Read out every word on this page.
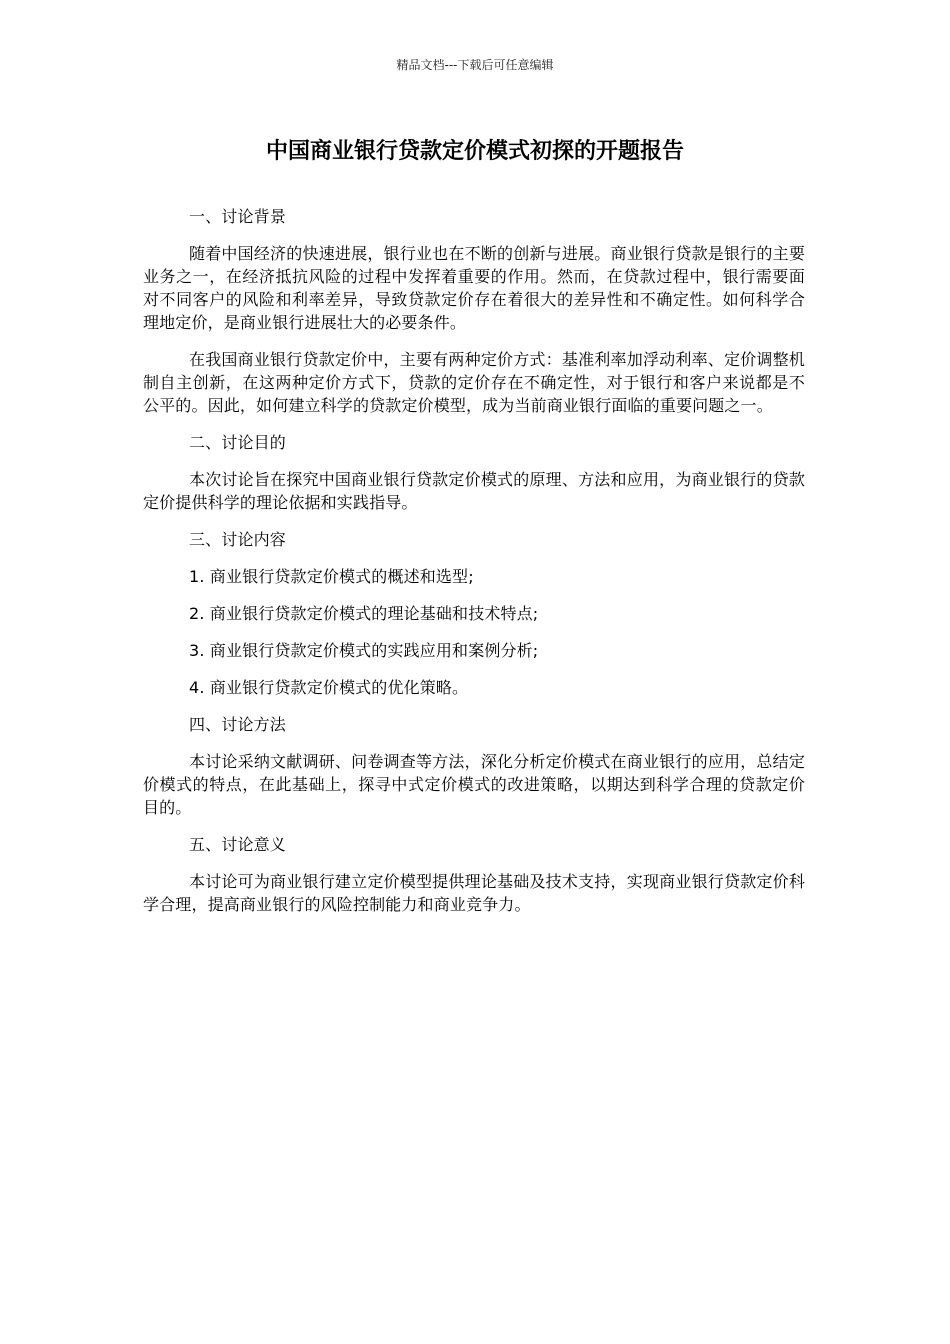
精品文档---下载后可任意编辑
中国商业银行贷款定价模式初探的开题报告

一、讨论背景

随着中国经济的快速进展，银行业也在不断的创新与进展。商业银行贷款是银行的主要业务之一，在经济抵抗风险的过程中发挥着重要的作用。然而，在贷款过程中，银行需要面对不同客户的风险和利率差异，导致贷款定价存在着很大的差异性和不确定性。如何科学合理地定价，是商业银行进展壮大的必要条件。

在我国商业银行贷款定价中，主要有两种定价方式：基准利率加浮动利率、定价调整机制自主创新，在这两种定价方式下，贷款的定价存在不确定性，对于银行和客户来说都是不公平的。因此，如何建立科学的贷款定价模型，成为当前商业银行面临的重要问题之一。

二、讨论目的

本次讨论旨在探究中国商业银行贷款定价模式的原理、方法和应用，为商业银行的贷款定价提供科学的理论依据和实践指导。

三、讨论内容

1. 商业银行贷款定价模式的概述和选型;

2. 商业银行贷款定价模式的理论基础和技术特点;

3. 商业银行贷款定价模式的实践应用和案例分析;

4. 商业银行贷款定价模式的优化策略。

四、讨论方法

本讨论采纳文献调研、问卷调查等方法，深化分析定价模式在商业银行的应用，总结定价模式的特点，在此基础上，探寻中式定价模式的改进策略，以期达到科学合理的贷款定价目的。

五、讨论意义

本讨论可为商业银行建立定价模型提供理论基础及技术支持，实现商业银行贷款定价科学合理，提高商业银行的风险控制能力和商业竞争力。
